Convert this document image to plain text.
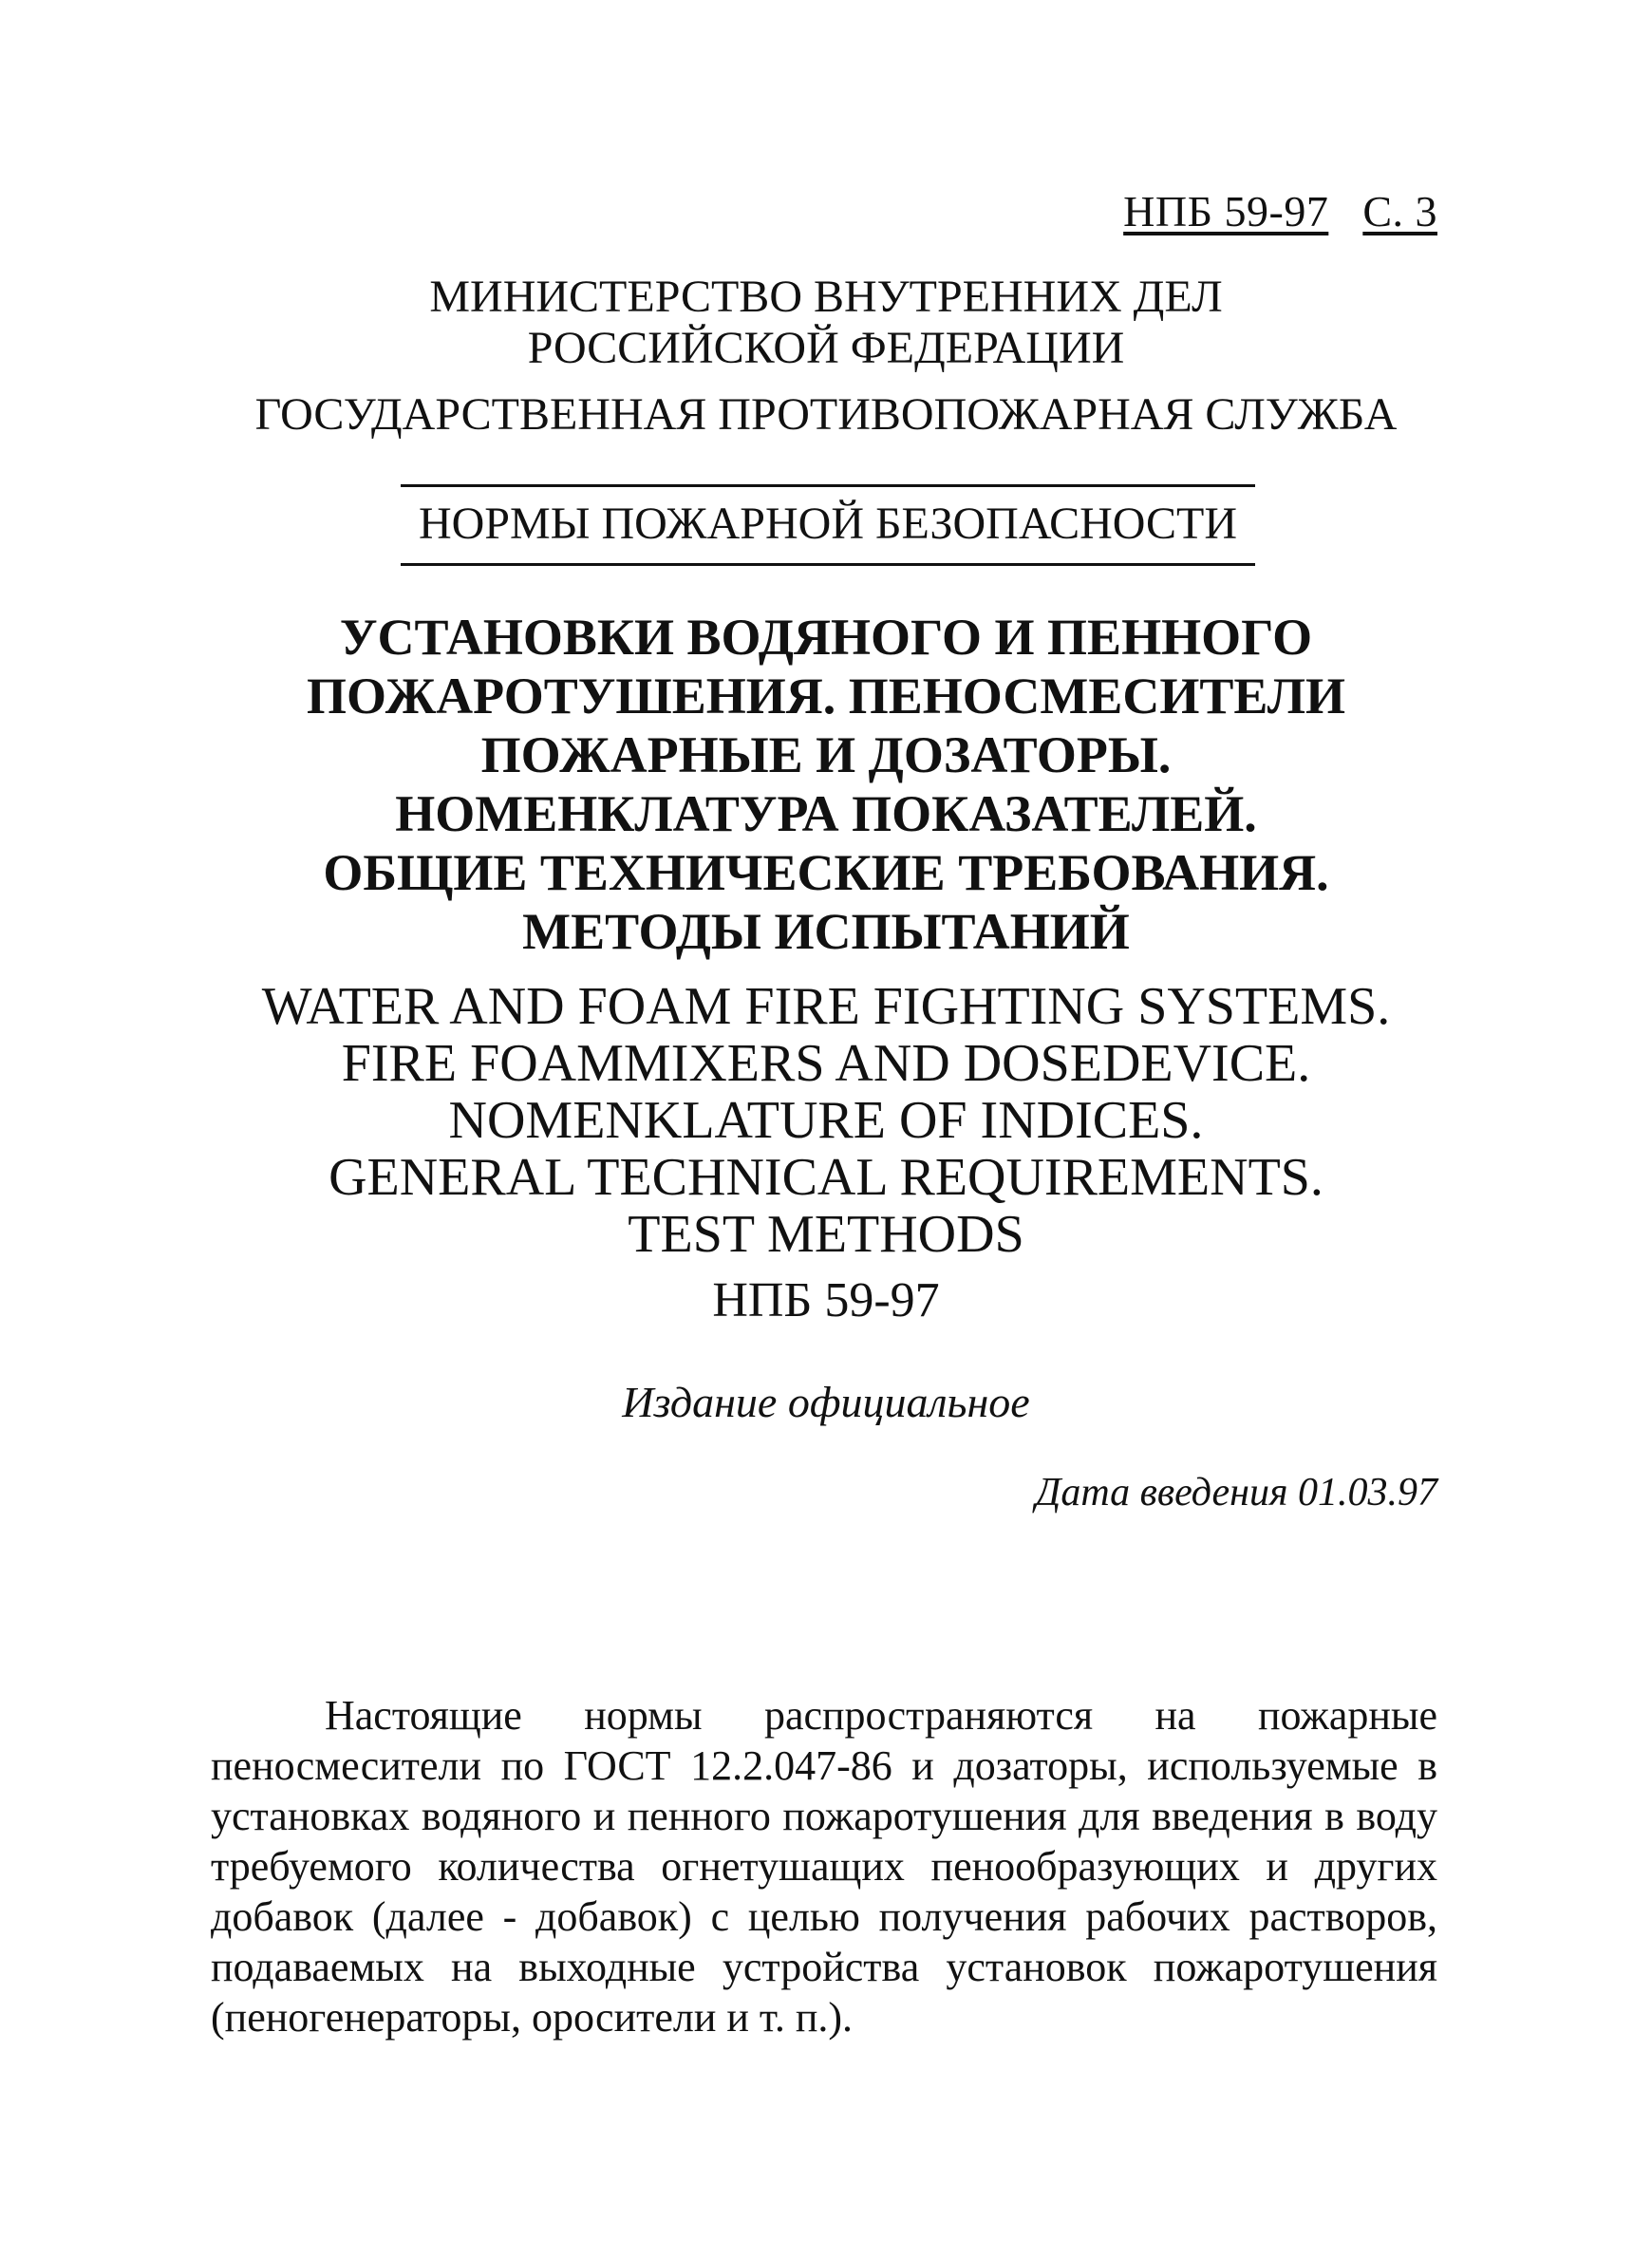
НПБ 59-97 С. 3
МИНИСТЕРСТВО ВНУТРЕННИХ ДЕЛ
РОССИЙСКОЙ ФЕДЕРАЦИИ
ГОСУДАРСТВЕННАЯ ПРОТИВОПОЖАРНАЯ СЛУЖБА
НОРМЫ ПОЖАРНОЙ БЕЗОПАСНОСТИ
УСТАНОВКИ ВОДЯНОГО И ПЕННОГО
ПОЖАРОТУШЕНИЯ. ПЕНОСМЕСИТЕЛИ
ПОЖАРНЫЕ И ДОЗАТОРЫ.
НОМЕНКЛАТУРА ПОКАЗАТЕЛЕЙ.
ОБЩИЕ ТЕХНИЧЕСКИЕ ТРЕБОВАНИЯ.
МЕТОДЫ ИСПЫТАНИЙ
WATER AND FOAM FIRE FIGHTING SYSTEMS.
FIRE FOAMMIXERS AND DOSEDEVICE.
NOMENKLATURE OF INDICES.
GENERAL TECHNICAL REQUIREMENTS.
TEST METHODS
НПБ 59-97
Издание официальное
Дата введения 01.03.97
Настоящие нормы распространяются на пожарные пеносмесители по ГОСТ 12.2.047-86 и дозаторы, используемые в установках водяного и пенного пожаротушения для введения в воду требуемого количества огнетушащих пенообразующих и других добавок (далее - добавок) с целью получения рабочих растворов, подаваемых на выходные устройства установок пожаротушения (пеногенераторы, оросители и т. п.).
